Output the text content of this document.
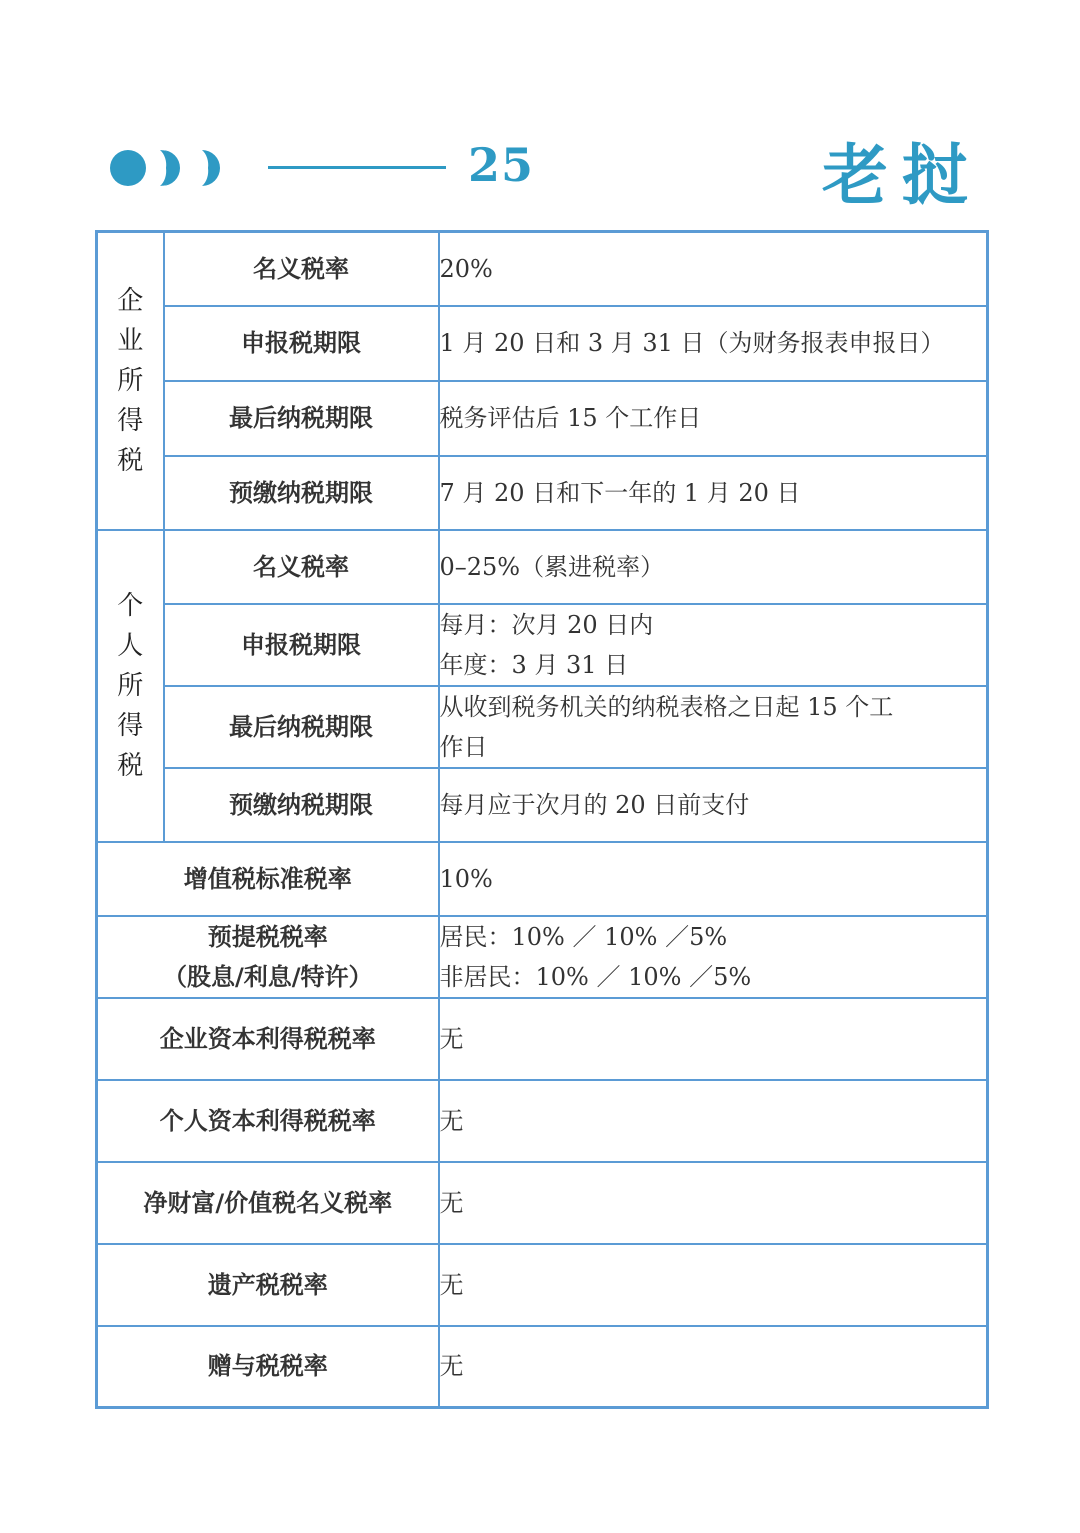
25	老挝
企业所得税	名义税率	20%

	申报税期限	1 月 20 日和 3 月 31 日（为财务报表申报日）

	最后纳税期限	税务评估后 15 个工作日

	预缴纳税期限	7 月 20 日和下一年的 1 月 20 日

个人所得税	名义税率	0–25%（累进税率）

	申报税期限	每月：次月 20 日内
年度：3 月 31 日

	最后纳税期限	从收到税务机关的纳税表格之日起 15 个工
作日

	预缴纳税期限	每月应于次月的 20 日前支付

增值税标准税率		10%

预提税税率
（股息/利息/特许）		居民：10% ／ 10% ／5%
非居民：10% ／ 10% ／5%

企业资本利得税税率		无

个人资本利得税税率		无

净财富/价值税名义税率		无

遗产税税率		无

赠与税税率		无
